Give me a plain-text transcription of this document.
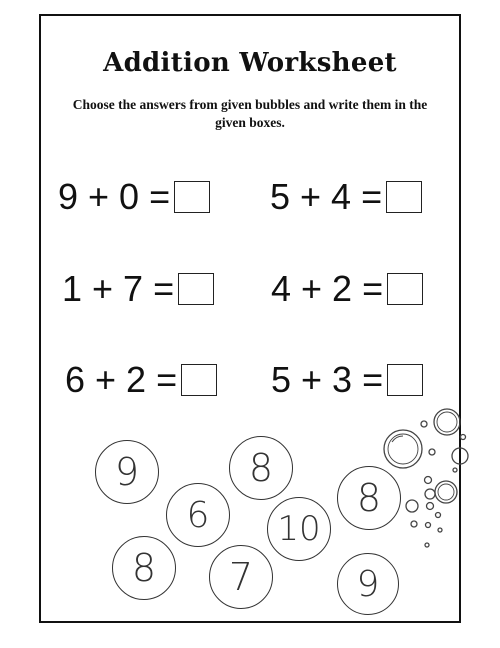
Addition Worksheet
Choose the answers from given bubbles and write them in the given boxes.
9 + 0 =	5 + 4 =
1 + 7 =	4 + 2 =
6 + 2 =	5 + 3 =
9	8
6	10
8
8	7	9
